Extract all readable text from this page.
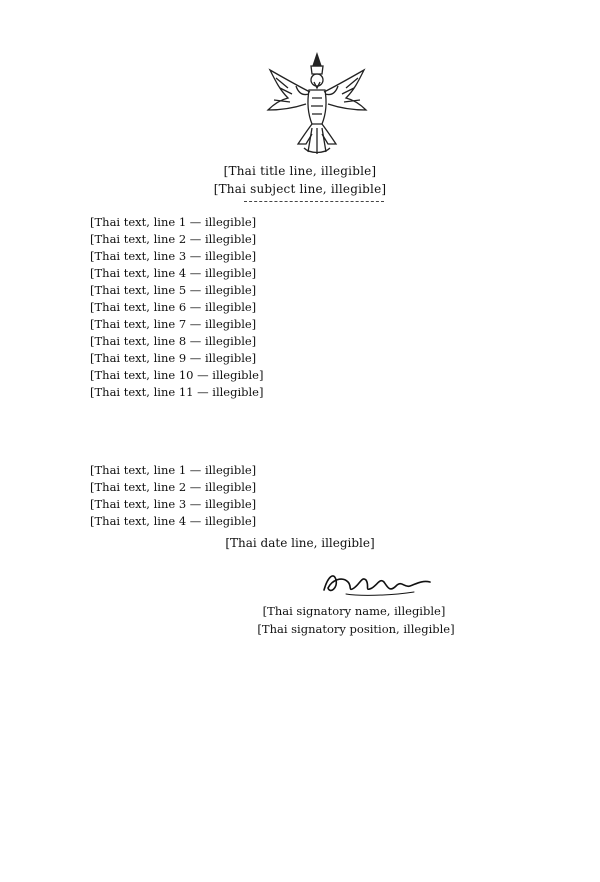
[Thai title line, illegible]
[Thai subject line, illegible]
[Thai text, line 1 — illegible]
[Thai text, line 2 — illegible]
[Thai text, line 3 — illegible]
[Thai text, line 4 — illegible]
[Thai text, line 5 — illegible]
[Thai text, line 6 — illegible]
[Thai text, line 7 — illegible]
[Thai text, line 8 — illegible]
[Thai text, line 9 — illegible]
[Thai text, line 10 — illegible]
[Thai text, line 11 — illegible]
[Thai text, line 1 — illegible]
[Thai text, line 2 — illegible]
[Thai text, line 3 — illegible]
[Thai text, line 4 — illegible]
[Thai date line, illegible]
[Thai signatory name, illegible]
[Thai signatory position, illegible]
